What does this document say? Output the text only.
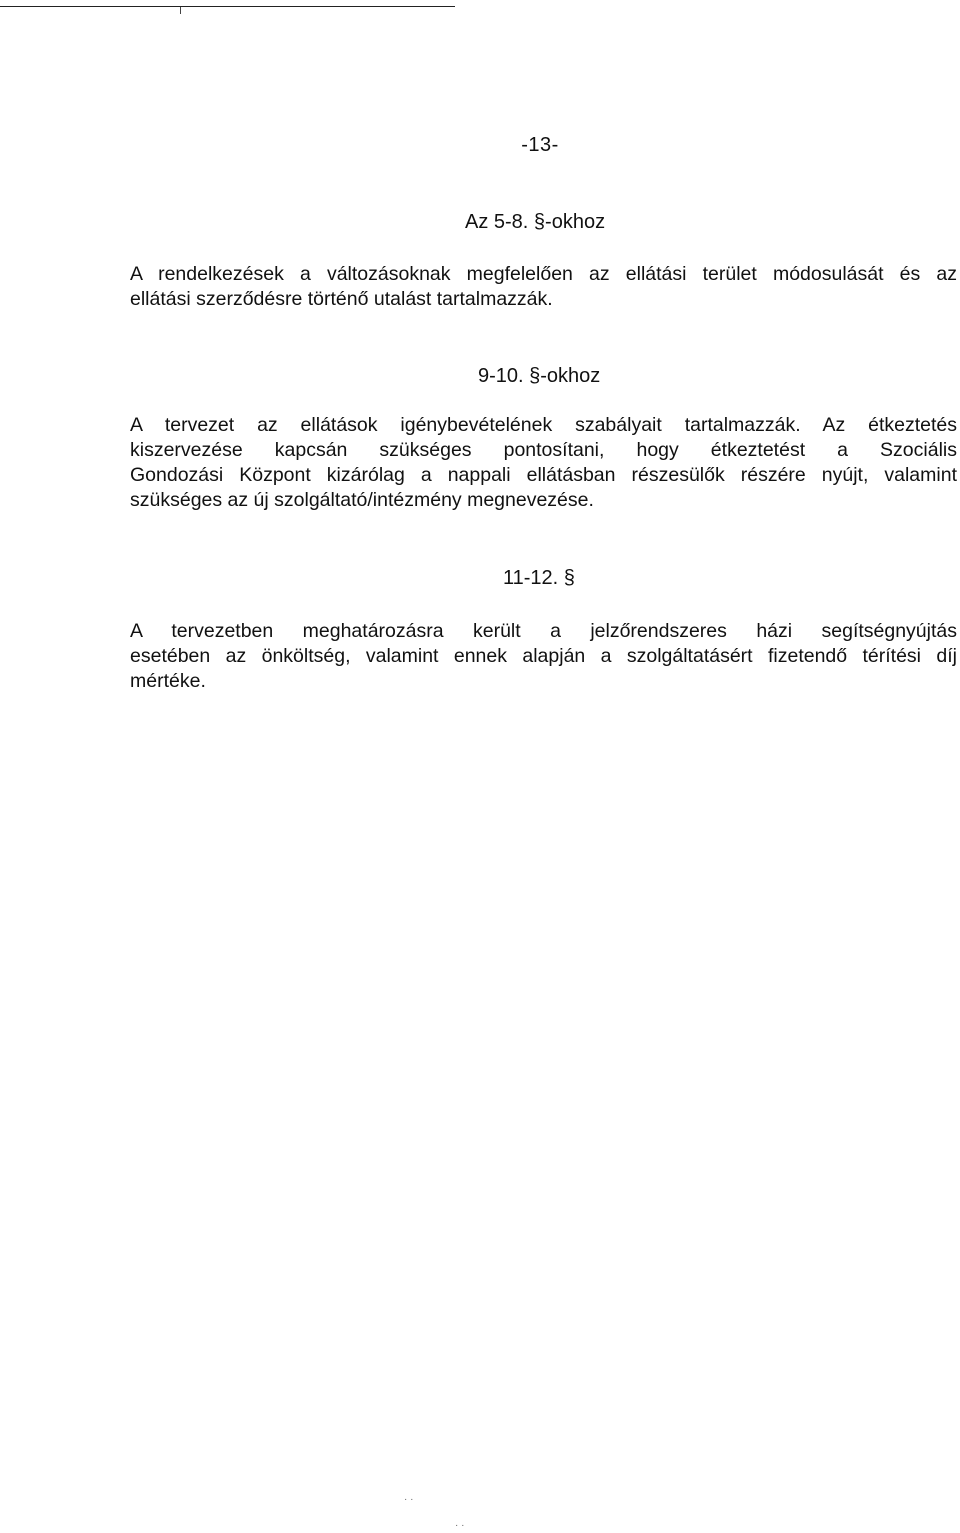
-13-
Az 5-8. §-okhoz
A rendelkezések a változásoknak megfelelően az ellátási terület módosulását és az
ellátási szerződésre történő utalást tartalmazzák.
9-10. §-okhoz
A tervezet az ellátások igénybevételének szabályait tartalmazzák. Az étkeztetés
kiszervezése kapcsán szükséges pontosítani, hogy étkeztetést a Szociális
Gondozási Központ kizárólag a nappali ellátásban részesülők részére nyújt, valamint
szükséges az új szolgáltató/intézmény megnevezése.
11-12. §
A tervezetben meghatározásra került a jelzőrendszeres házi segítségnyújtás
esetében az önköltség, valamint ennek alapján a szolgáltatásért fizetendő térítési díj
mértéke.
· ·
· ·
